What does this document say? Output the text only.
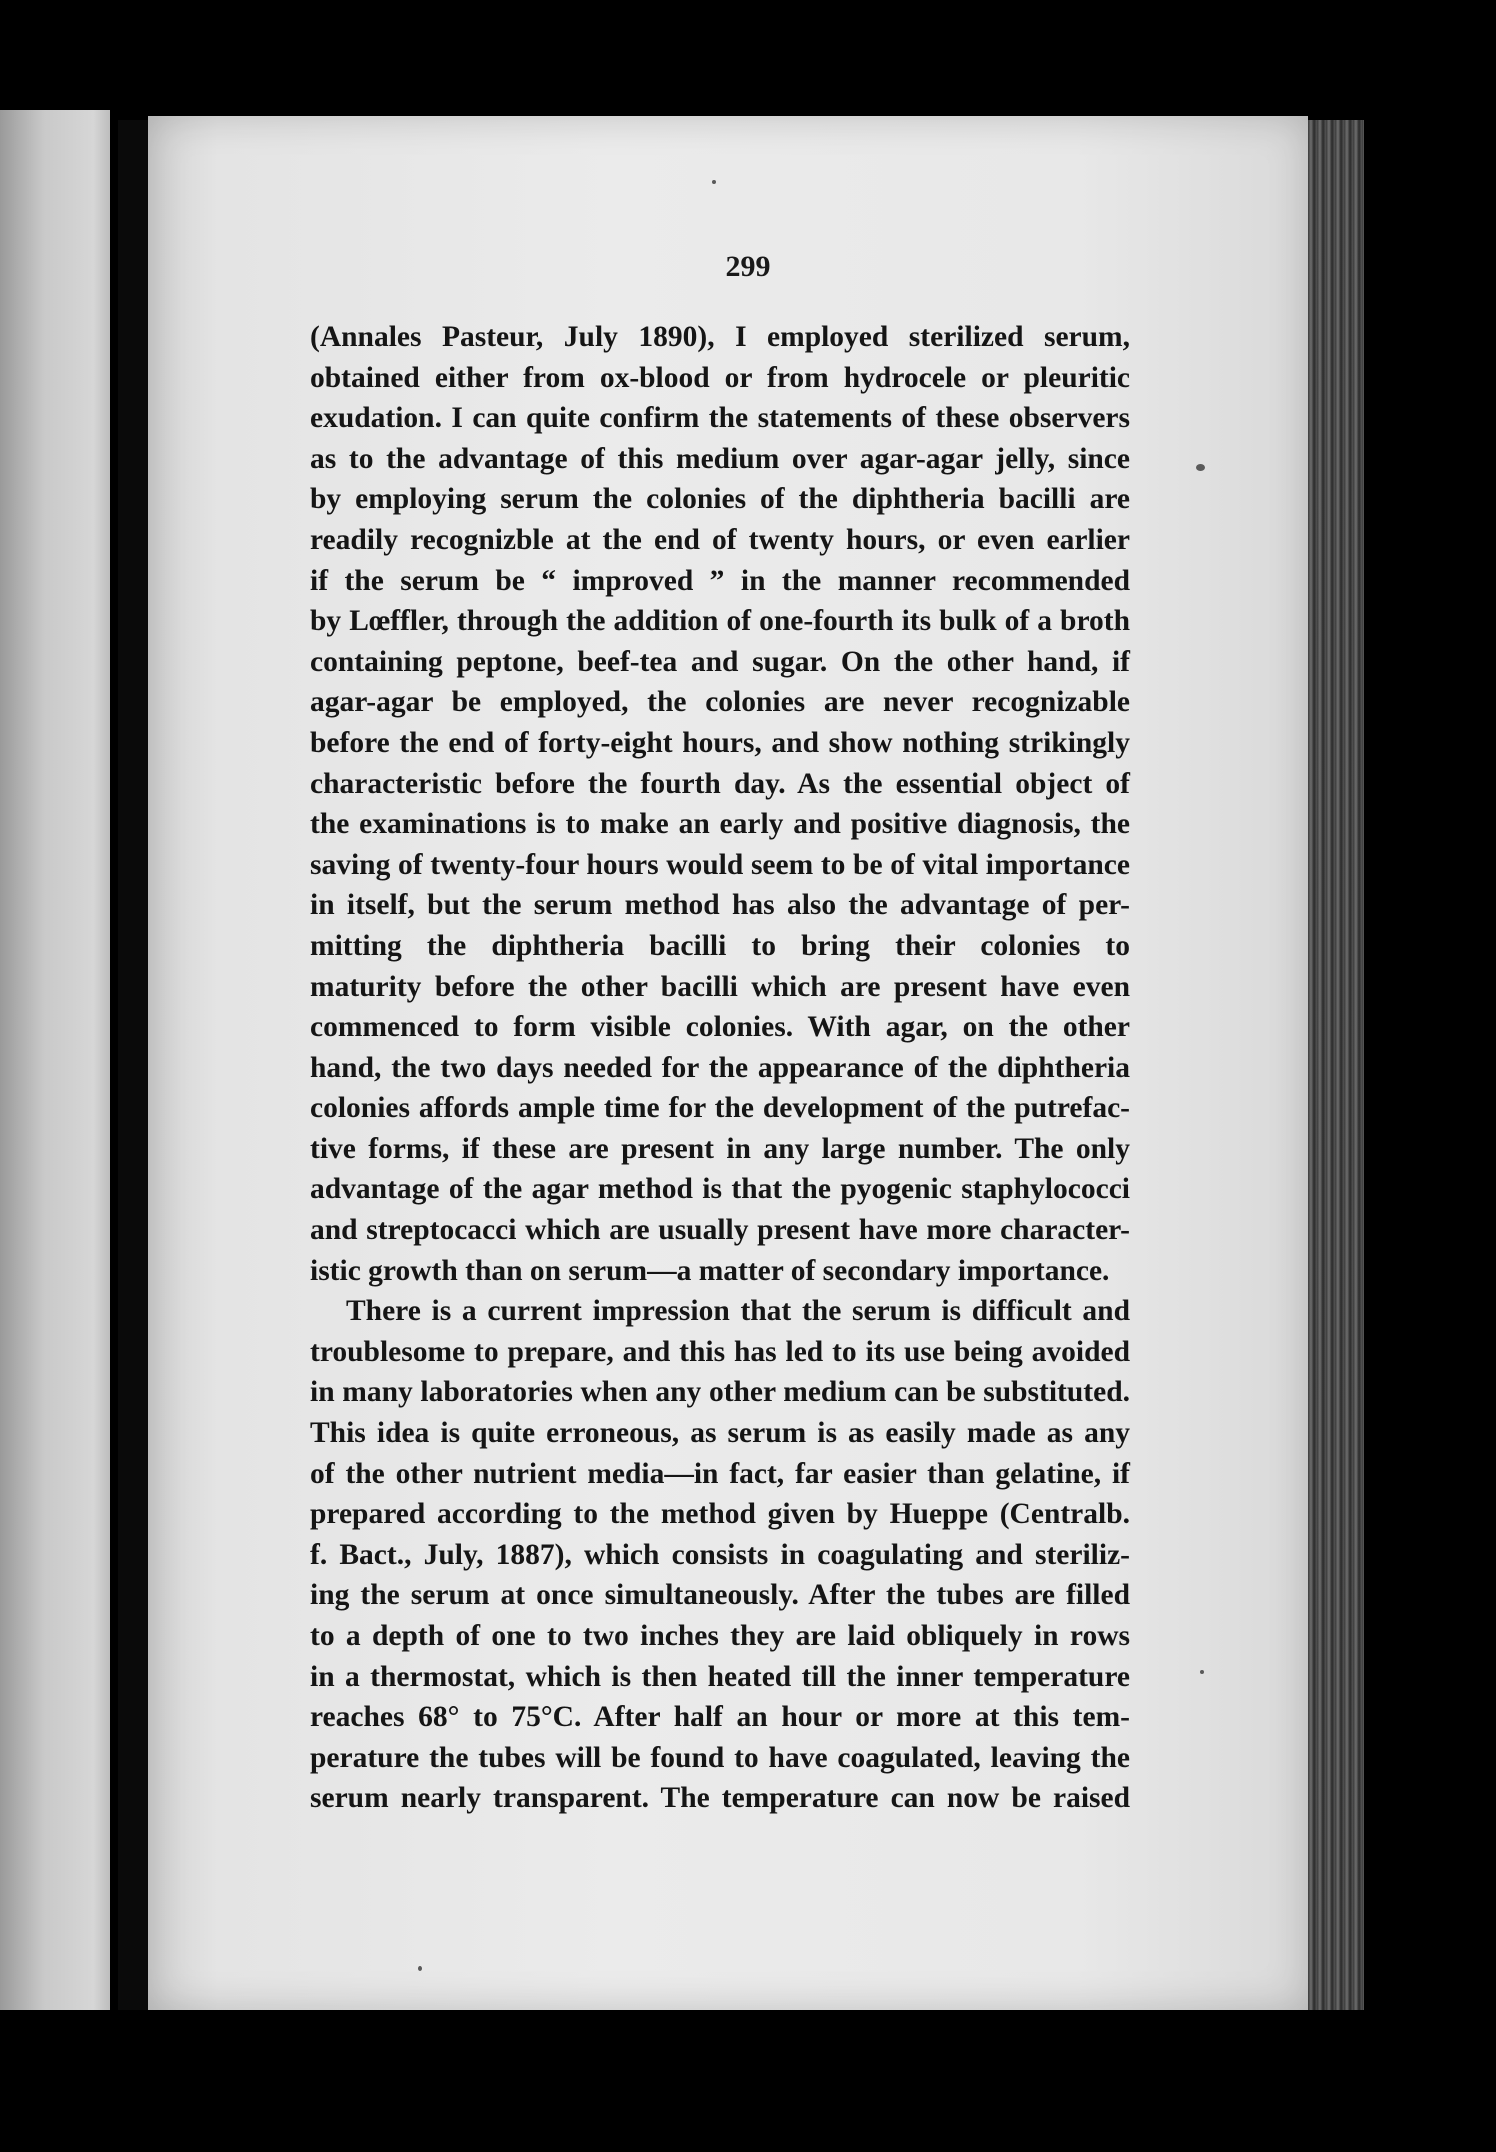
299

(Annales Pasteur, July 1890), I employed sterilized serum,
obtained either from ox-blood or from hydrocele or pleuritic
exudation. I can quite confirm the statements of these observers
as to the advantage of this medium over agar-agar jelly, since
by employing serum the colonies of the diphtheria bacilli are
readily recognizble at the end of twenty hours, or even earlier
if the serum be “ improved ” in the manner recommended
by Lœffler, through the addition of one-fourth its bulk of a broth
containing peptone, beef-tea and sugar. On the other hand, if
agar-agar be employed, the colonies are never recognizable
before the end of forty-eight hours, and show nothing strikingly
characteristic before the fourth day. As the essential object of
the examinations is to make an early and positive diagnosis, the
saving of twenty-four hours would seem to be of vital importance
in itself, but the serum method has also the advantage of per-
mitting the diphtheria bacilli to bring their colonies to
maturity before the other bacilli which are present have even
commenced to form visible colonies. With agar, on the other
hand, the two days needed for the appearance of the diphtheria
colonies affords ample time for the development of the putrefac-
tive forms, if these are present in any large number. The only
advantage of the agar method is that the pyogenic staphylococci
and streptocacci which are usually present have more character-
istic growth than on serum—a matter of secondary importance.
There is a current impression that the serum is difficult and
troublesome to prepare, and this has led to its use being avoided
in many laboratories when any other medium can be substituted.
This idea is quite erroneous, as serum is as easily made as any
of the other nutrient media—in fact, far easier than gelatine, if
prepared according to the method given by Hueppe (Centralb.
f. Bact., July, 1887), which consists in coagulating and steriliz-
ing the serum at once simultaneously. After the tubes are filled
to a depth of one to two inches they are laid obliquely in rows
in a thermostat, which is then heated till the inner temperature
reaches 68° to 75°C. After half an hour or more at this tem-
perature the tubes will be found to have coagulated, leaving the
serum nearly transparent. The temperature can now be raised
